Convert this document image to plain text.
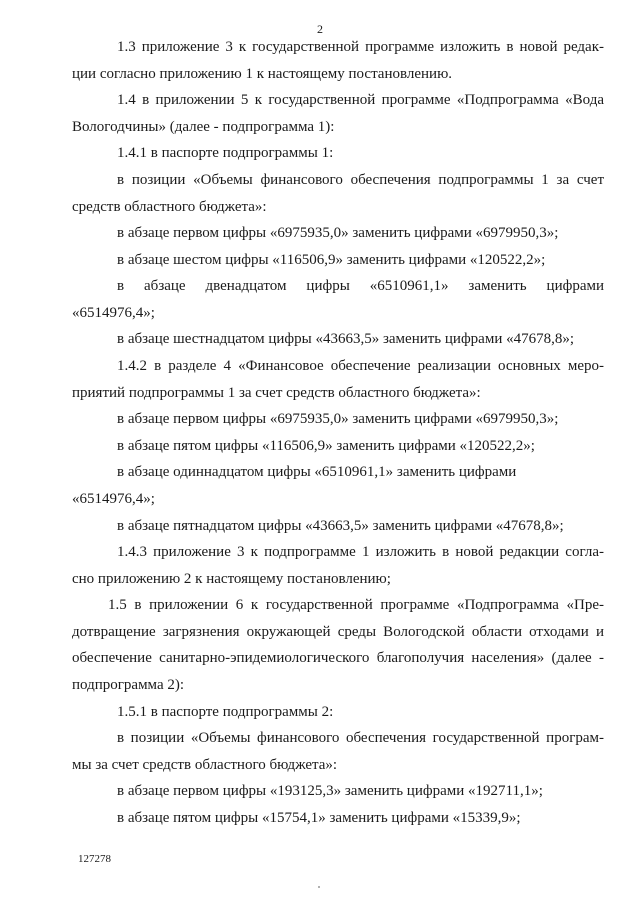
2
127278
1.3 приложение 3 к государственной программе изложить в новой редак-
ции согласно приложению 1 к настоящему постановлению.
1.4 в приложении 5 к государственной программе «Подпрограмма «Вода
Вологодчины» (далее - подпрограмма 1):
1.4.1 в паспорте подпрограммы 1:
в позиции «Объемы финансового обеспечения подпрограммы 1 за счет
средств областного бюджета»:
в абзаце первом цифры «6975935,0» заменить цифрами «6979950,3»;
в абзаце шестом цифры «116506,9» заменить цифрами «120522,2»;
в абзаце двенадцатом цифры «6510961,1» заменить цифрами
«6514976,4»;
в абзаце шестнадцатом цифры «43663,5» заменить цифрами «47678,8»;
1.4.2 в разделе 4 «Финансовое обеспечение реализации основных меро-
приятий подпрограммы 1 за счет средств областного бюджета»:
в абзаце первом цифры «6975935,0» заменить цифрами «6979950,3»;
в абзаце пятом цифры «116506,9» заменить цифрами «120522,2»;
в абзаце одиннадцатом цифры «6510961,1» заменить цифрами
«6514976,4»;
в абзаце пятнадцатом цифры «43663,5» заменить цифрами «47678,8»;
1.4.3 приложение 3 к подпрограмме 1 изложить в новой редакции согла-
сно приложению 2 к настоящему постановлению;
1.5 в приложении 6 к государственной программе «Подпрограмма «Пре-
дотвращение загрязнения окружающей среды Вологодской области отходами и
обеспечение санитарно-эпидемиологического благополучия населения» (далее -
подпрограмма 2):
1.5.1 в паспорте подпрограммы 2:
в позиции «Объемы финансового обеспечения государственной програм-
мы за счет средств областного бюджета»:
в абзаце первом цифры «193125,3» заменить цифрами «192711,1»;
в абзаце пятом цифры «15754,1» заменить цифрами «15339,9»;
